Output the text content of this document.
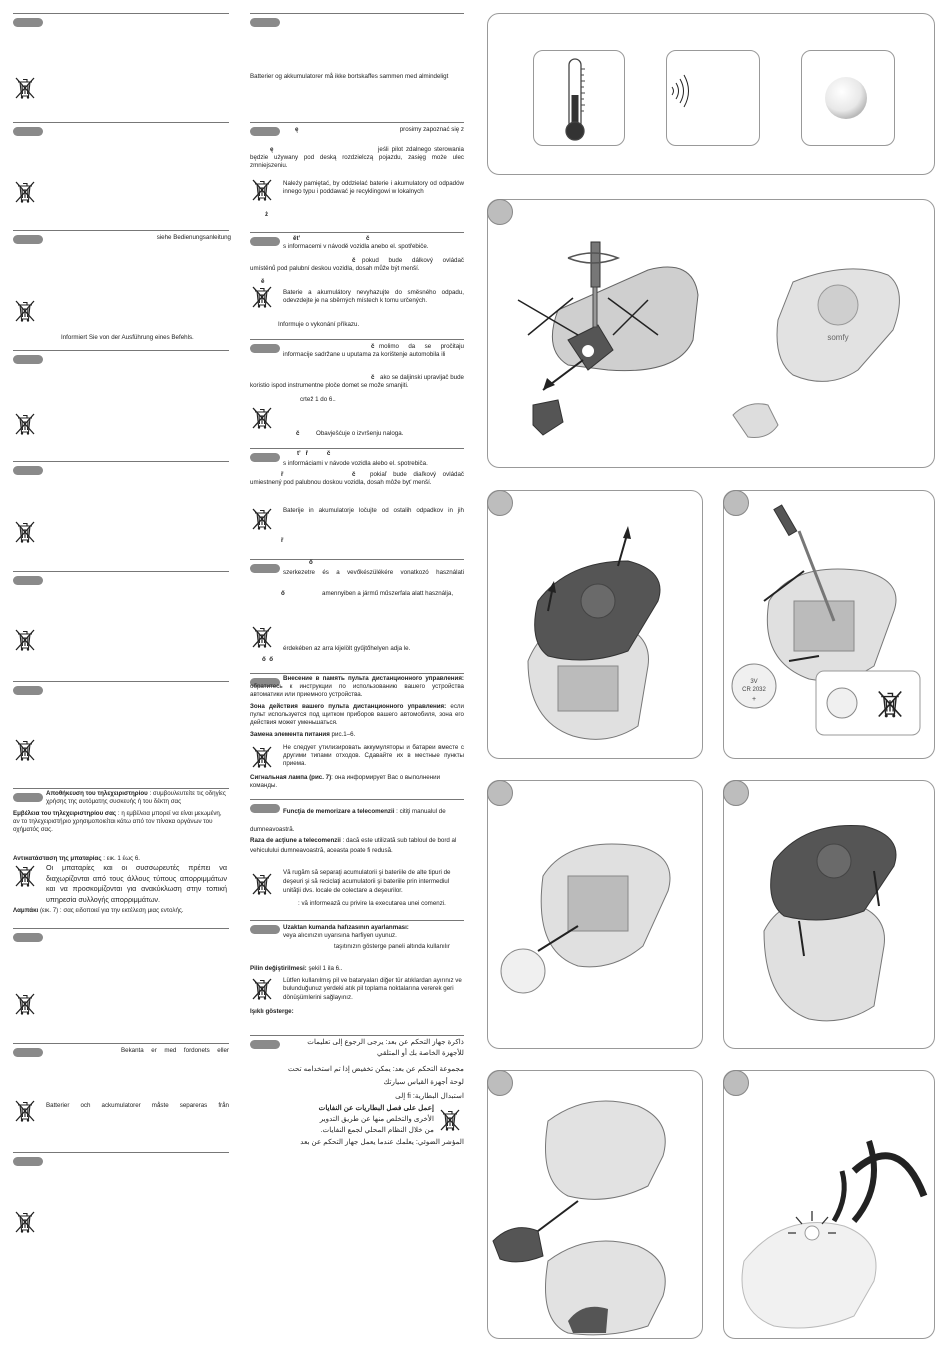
siehe Bedienungsanleitung
Informiert Sie von der Ausführung eines Befehls.
Αποθήκευση του τηλεχειριστηρίου : συμβουλευτείτε τις οδηγίες χρήσης της αυτόματης συσκευής ή του δέκτη σας
Εμβέλεια του τηλεχειριστηρίου σας : η εμβέλεια μπορεί να είναι μειωμένη, αν το τηλεχειριστήριο χρησιμοποιείται κάτω από τον πίνακα οργάνων του οχήματός σας.
Αντικατάσταση της μπαταρίας : εικ. 1 έως 6.
Οι μπαταρίες και οι συσσωρευτές πρέπει να διαχωρίζονται από τους άλλους τύπους απορριμμάτων και να προσκομίζονται για ανακύκλωση στην τοπική υπηρεσία συλλογής απορριμμάτων.
Λαμπάκι (εικ. 7) : σας ειδοποιεί για την εκτέλεση μιας εντολής.
Bekanta er med fordonets eller
Batterier och ackumulatorer måste separeras från
Batterier og akkumulatorer må ikke bortskaffes sammen med almindeligt
ę	prosimy zapoznać się z
ę	jeśli pilot zdalnego sterowania będzie używany pod deską rozdzielczą pojazdu, zasięg może ulec zmniejszeniu.
Należy pamiętać, by oddzielać baterie i akumulatory od odpadów innego typu i poddawać je recyklingowi w lokalnych
ż
ět’	č
s informacemi v návodě vozidla anebo el. spotřebiče.
č	pokud bude dálkový ovládač umístěnů pod palubní deskou vozidla, dosah může být menší.
ě
Baterie a akumulátory nevyhazujte do směsného odpadu, odevzdejte je na sběrných místech k tomu určených.
Informuje o vykonání příkazu.
č molimo da se pročitaju informacije sadržane u uputama za korištenje automobila ili
č ako se daljinski upravljač bude koristio ispod instrumentne ploče domet se može smanjiti.
crtež 1 do 6..
č	Obavješćuje o izvršenju naloga.
t’   ř           č
s informáciami v návode vozidla alebo el. spotrebiča.
ř	č	pokiaľ bude diaľkový ovládač umiestnený pod palubnou doskou vozidla, dosah môže byť menší.
Baterije in akumulatorje ločujte od ostalih odpadkov in jih
ř
ő
szerkezetre és a vevőkészülékére vonatkozó használati
ő	amennyiben a jármű műszerfala alatt használja,
érdekében az arra kijelölt gyűjtőhelyen adja le.
ő  ő
Внесение в память пульта дистанционного управления: обратитесь к инструкции по использованию вашего устройства автоматики или приемного устройства.
Зона действия вашего пульта дистанционного управления: если пульт используется под щитком приборов вашего автомобиля, зона его действия может уменьшаться.
Замена элемента питания рис.1–6.
Не следует утилизировать аккумуляторы и батареи вместе с другими типами отходов. Сдавайте их в местные пункты приема.
Сигнальная лампа (рис. 7): она информирует Вас о выполнении команды.
Funcţia de memorizare a telecomenzii : citiţi manualul de dumneavoastră.
Raza de acţiune a telecomenzii : dacă este utilizată sub tabloul de bord al vehiculului dumneavoastră, aceasta poate fi redusă.
Vă rugăm să separaţi acumulatorii şi bateriile de alte tipuri de deşeuri şi să reciclaţi acumulatorii şi bateriile prin intermediul unităţii dvs. locale de colectare a deşeurilor.
: vă informează cu privire la executarea unei comenzi.
Uzaktan kumanda hafızasının ayarlanması:
veya alıcınızın uyarısına harfiyen uyunuz.
taşıtınızın gösterge paneli altında kullanılır
Pilin değiştirilmesi: şekil 1 ila 6..
Lütfen kullanılmış pil ve bataryaları diğer tür atıklardan ayırınız ve bulunduğunuz yerdeki atık pil toplama noktalarına vererek geri dönüşümlerini sağlayınız.
Işıklı gösterge:
ذاكرة جهاز التحكم عن بعد: يرجى الرجوع إلى تعليمات
للأجهزة الخاصة بك أو المتلقي
مجموعة التحكم عن بعد: يمكن تخفيض إذا تم استخدامه تحت
لوحة أجهزة القياس سيارتك
استبدال البطارية: fi إلى
إعمل على فصل البطاريات عن النفايات
الأخرى والتخلص منها عن طريق التدوير
من خلال النظام المحلي لجمع النفايات.
المؤشر الضوئي: يعلمك عندما يعمل جهاز التحكم عن بعد
somfy
3V
CR 2032
+
